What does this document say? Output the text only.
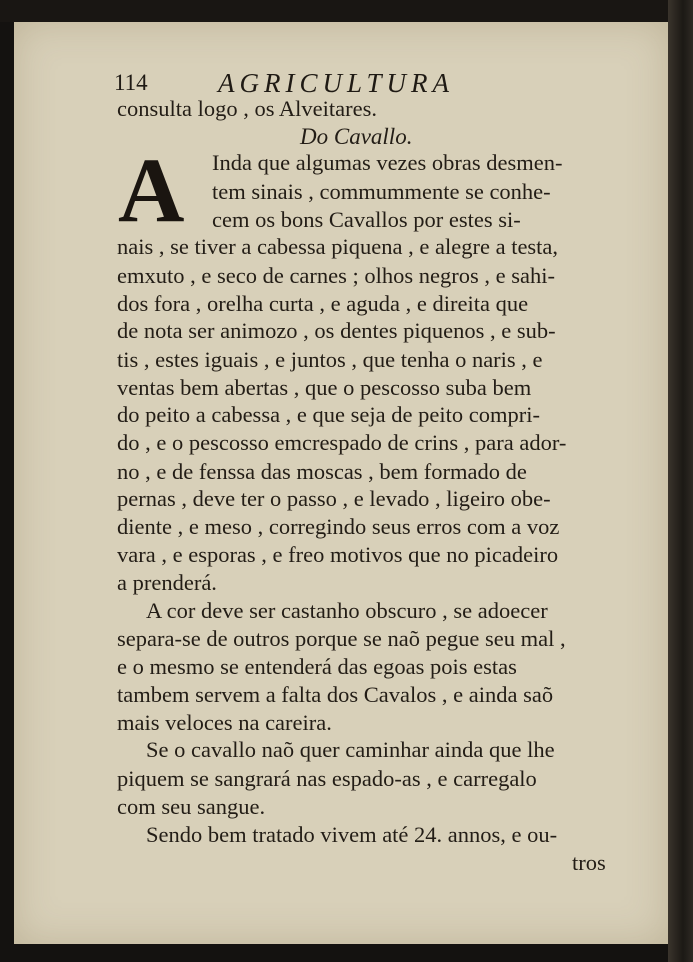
114	AGRICULTURA
consulta logo , os Alveitares.
Do Cavallo.
A Inda que algumas vezes obras desmen-
tem sinais , commummente se conhe-
cem os bons Cavallos por estes si-
nais , se tiver a cabessa piquena , e alegre a testa,
emxuto , e seco de carnes ; olhos negros , e sahi-
dos fora , orelha curta , e aguda , e direita que
de nota ser animozo , os dentes piquenos , e sub-
tis , estes iguais , e juntos , que tenha o naris , e
ventas bem abertas , que o pescosso suba bem
do peito a cabessa , e que seja de peito compri-
do , e o pescosso emcrespado de crins , para ador-
no , e de fenssa das moscas , bem formado de
pernas , deve ter o passo , e levado , ligeiro obe-
diente , e meso , corregindo seus erros com a voz
vara , e esporas , e freo motivos que no picadeiro
a prenderá.
A cor deve ser castanho obscuro , se adoecer
separa-se de outros porque se naõ pegue seu mal ,
e o mesmo se entenderá das egoas pois estas
tambem servem a falta dos Cavalos , e ainda saõ
mais veloces na careira.
Se o cavallo naõ quer caminhar ainda que lhe
piquem se sangrará nas espado-as , e carregalo
com seu sangue.
Sendo bem tratado vivem até 24. annos, e ou-
tros
